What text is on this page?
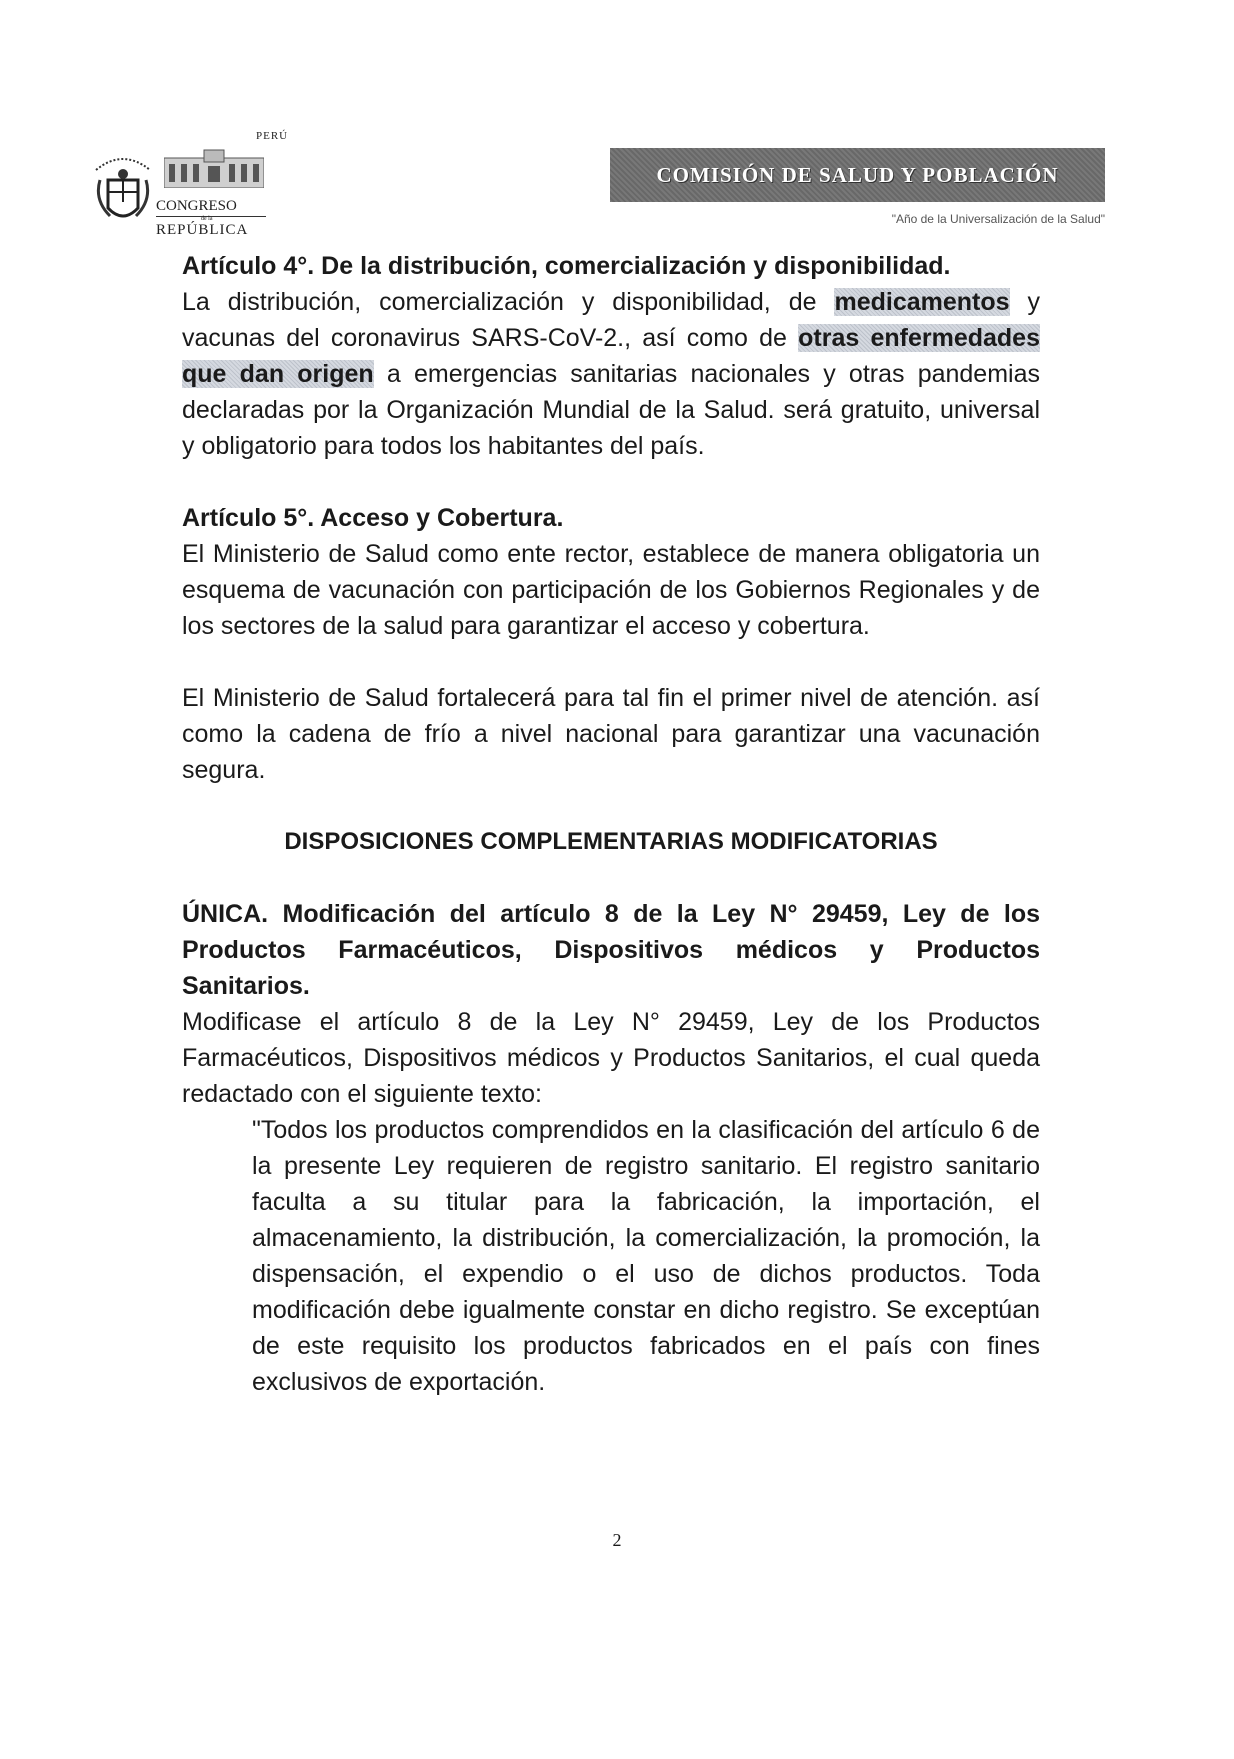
PERÚ
CONGRESO
de la
REPÚBLICA
COMISIÓN DE SALUD Y POBLACIÓN
"Año de la Universalización de la Salud"

Artículo 4°. De la distribución, comercialización y disponibilidad.

La distribución, comercialización y disponibilidad, de medicamentos y vacunas del coronavirus SARS-CoV-2., así como de otras enfermedades que dan origen a emergencias sanitarias nacionales y otras pandemias declaradas por la Organización Mundial de la Salud. será gratuito, universal y obligatorio para todos los habitantes del país.

Artículo 5°. Acceso y Cobertura.

El Ministerio de Salud como ente rector, establece de manera obligatoria un esquema de vacunación con participación de los Gobiernos Regionales y de los sectores de la salud para garantizar el acceso y cobertura.

El Ministerio de Salud fortalecerá para tal fin el primer nivel de atención. así como la cadena de frío a nivel nacional para garantizar una vacunación segura.

DISPOSICIONES COMPLEMENTARIAS MODIFICATORIAS

ÚNICA. Modificación del artículo 8 de la Ley N° 29459, Ley de los Productos Farmacéuticos, Dispositivos médicos y Productos Sanitarios.

Modificase el artículo 8 de la Ley N° 29459, Ley de los Productos Farmacéuticos, Dispositivos médicos y Productos Sanitarios, el cual queda redactado con el siguiente texto:

"Todos los productos comprendidos en la clasificación del artículo 6 de la presente Ley requieren de registro sanitario. El registro sanitario faculta a su titular para la fabricación, la importación, el almacenamiento, la distribución, la comercialización, la promoción, la dispensación, el expendio o el uso de dichos productos. Toda modificación debe igualmente constar en dicho registro. Se exceptúan de este requisito los productos fabricados en el país con fines exclusivos de exportación.

2
